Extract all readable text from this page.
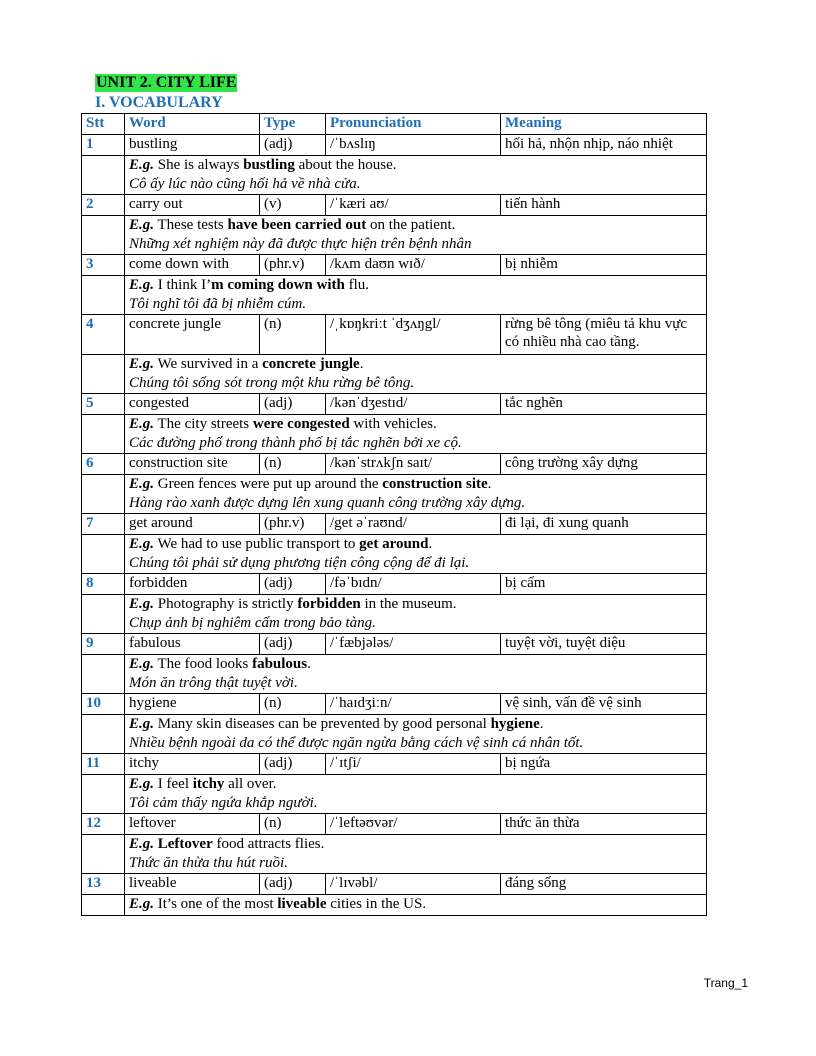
UNIT 2. CITY LIFE
I. VOCABULARY
Stt	Word	Type	Pronunciation	Meaning
1	bustling	(adj)	/ˈbʌslɪŋ	hối hả, nhộn nhịp, náo nhiệt

	E.g. She is always bustling about the house.
Cô ấy lúc nào cũng hối hả về nhà cửa.			

2	carry out	(v)	/ˈkæri aʊ/	tiến hành

	E.g. These tests have been carried out on the patient.
Những xét nghiệm này đã được thực hiện trên bệnh nhân			

3	come down with	(phr.v)	/kʌm daʊn wɪð/	bị nhiễm

	E.g. I think I’m coming down with flu.
Tôi nghĩ tôi đã bị nhiễm cúm.			

4	concrete jungle	(n)	/ˌkɒŋkriːt ˈdʒʌŋgl/	rừng bê tông (miêu tả khu vực có nhiều nhà cao tầng.

	E.g. We survived in a concrete jungle.
Chúng tôi sống sót trong một khu rừng bê tông.			

5	congested	(adj)	/kənˈdʒestɪd/	tắc nghẽn

	E.g. The city streets were congested with vehicles.
Các đường phố trong thành phố bị tắc nghẽn bởi xe cộ.			

6	construction site	(n)	/kənˈstrʌkʃn saɪt/	công trường xây dựng

	E.g. Green fences were put up around the construction site.
Hàng rào xanh được dựng lên xung quanh công trường xây dựng.			

7	get around	(phr.v)	/get əˈraʊnd/	đi lại, đi xung quanh

	E.g. We had to use public transport to get around.
Chúng tôi phải sử dụng phương tiện công cộng để đi lại.			

8	forbidden	(adj)	/fəˈbɪdn/	bị cấm

	E.g. Photography is strictly forbidden in the museum.
Chụp ảnh bị nghiêm cấm trong bảo tàng.			

9	fabulous	(adj)	/ˈfæbjələs/	tuyệt vời, tuyệt diệu

	E.g. The food looks fabulous.
Món ăn trông thật tuyệt vời.			

10	hygiene	(n)	/ˈhaɪdʒiːn/	vệ sinh, vấn đề vệ sinh

	E.g. Many skin diseases can be prevented by good personal hygiene.
Nhiều bệnh ngoài da có thể được ngăn ngừa bằng cách vệ sinh cá nhân tốt.			

11	itchy	(adj)	/ˈɪtʃi/	bị ngứa

	E.g. I feel itchy all over.
Tôi cảm thấy ngứa khắp người.			

12	leftover	(n)	/ˈleftəʊvər/	thức ăn thừa

	E.g. Leftover food attracts flies.
Thức ăn thừa thu hút ruồi.			

13	liveable	(adj)	/ˈlɪvəbl/	đáng sống

	E.g. It’s one of the most liveable cities in the US.			
Trang_1
